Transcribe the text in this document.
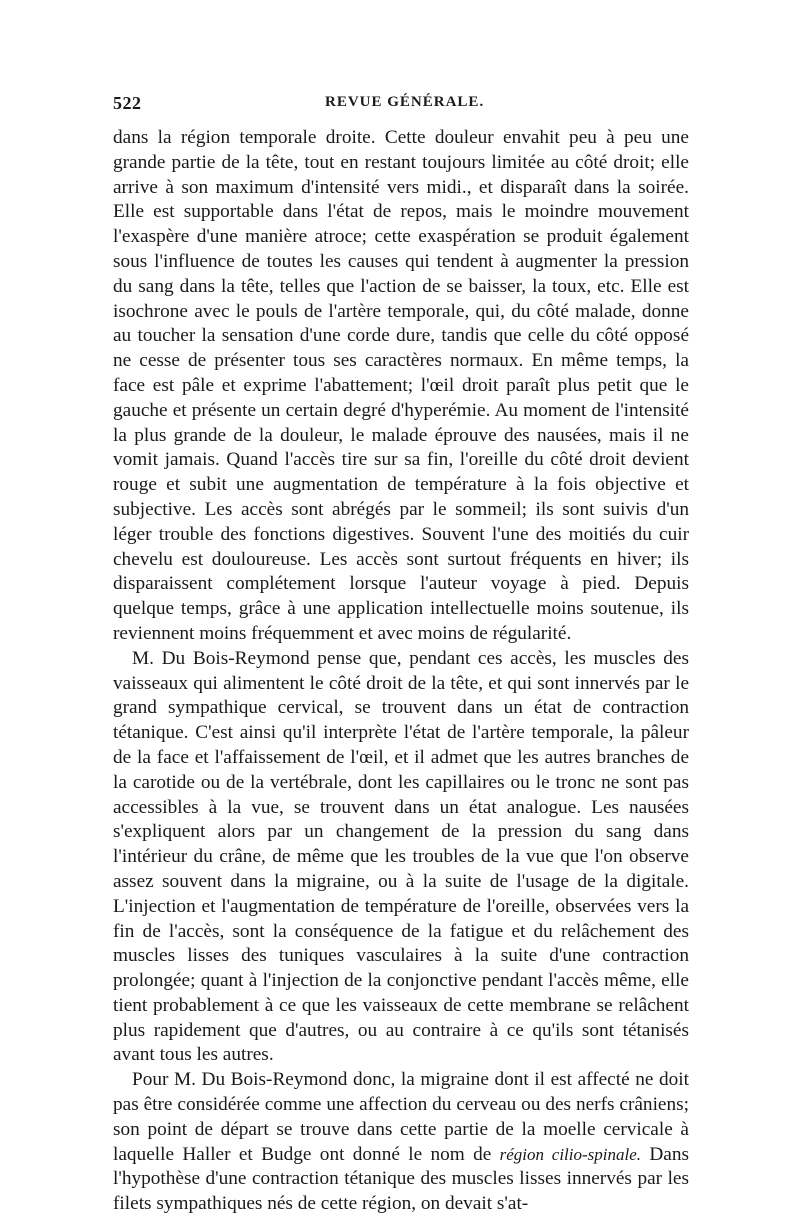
522	REVUE GÉNÉRALE.

dans la région temporale droite. Cette douleur envahit peu à peu une grande partie de la tête, tout en restant toujours limitée au côté droit; elle arrive à son maximum d'intensité vers midi., et disparaît dans la soirée. Elle est supportable dans l'état de repos, mais le moindre mouvement l'exaspère d'une manière atroce; cette exaspération se produit également sous l'influence de toutes les causes qui tendent à augmenter la pression du sang dans la tête, telles que l'action de se baisser, la toux, etc. Elle est isochrone avec le pouls de l'artère temporale, qui, du côté malade, donne au toucher la sensation d'une corde dure, tandis que celle du côté opposé ne cesse de présenter tous ses caractères normaux. En même temps, la face est pâle et exprime l'abattement; l'œil droit paraît plus petit que le gauche et présente un certain degré d'hyperémie. Au moment de l'intensité la plus grande de la douleur, le malade éprouve des nausées, mais il ne vomit jamais. Quand l'accès tire sur sa fin, l'oreille du côté droit devient rouge et subit une augmentation de température à la fois objective et subjective. Les accès sont abrégés par le sommeil; ils sont suivis d'un léger trouble des fonctions digestives. Souvent l'une des moitiés du cuir chevelu est douloureuse. Les accès sont surtout fréquents en hiver; ils disparaissent complétement lorsque l'auteur voyage à pied. Depuis quelque temps, grâce à une application intellectuelle moins soutenue, ils reviennent moins fréquemment et avec moins de régularité.

M. Du Bois-Reymond pense que, pendant ces accès, les muscles des vaisseaux qui alimentent le côté droit de la tête, et qui sont innervés par le grand sympathique cervical, se trouvent dans un état de contraction tétanique. C'est ainsi qu'il interprète l'état de l'artère temporale, la pâleur de la face et l'affaissement de l'œil, et il admet que les autres branches de la carotide ou de la vertébrale, dont les capillaires ou le tronc ne sont pas accessibles à la vue, se trouvent dans un état analogue. Les nausées s'expliquent alors par un changement de la pression du sang dans l'intérieur du crâne, de même que les troubles de la vue que l'on observe assez souvent dans la migraine, ou à la suite de l'usage de la digitale. L'injection et l'augmentation de température de l'oreille, observées vers la fin de l'accès, sont la conséquence de la fatigue et du relâchement des muscles lisses des tuniques vasculaires à la suite d'une contraction prolongée; quant à l'injection de la conjonctive pendant l'accès même, elle tient probablement à ce que les vaisseaux de cette membrane se relâchent plus rapidement que d'autres, ou au contraire à ce qu'ils sont tétanisés avant tous les autres.

Pour M. Du Bois-Reymond donc, la migraine dont il est affecté ne doit pas être considérée comme une affection du cerveau ou des nerfs crâniens; son point de départ se trouve dans cette partie de la moelle cervicale à laquelle Haller et Budge ont donné le nom de région cilio-spinale. Dans l'hypothèse d'une contraction tétanique des muscles lisses innervés par les filets sympathiques nés de cette région, on devait s'at-
